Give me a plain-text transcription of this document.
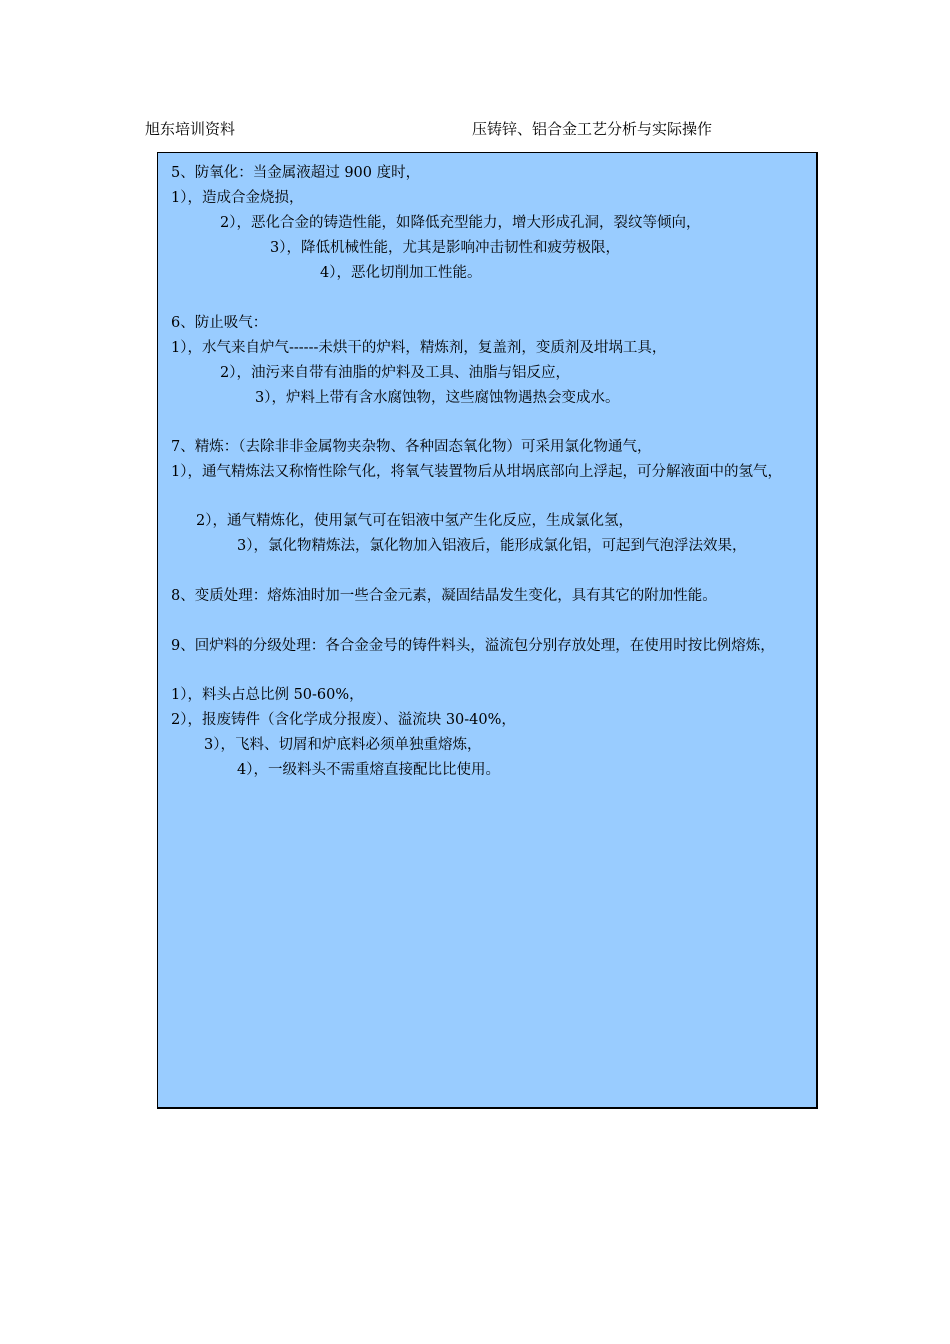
旭东培训资料	压铸锌、铝合金工艺分析与实际操作
5、防氧化：当金属液超过 900 度时，
1），造成合金烧损，
2），恶化合金的铸造性能，如降低充型能力，增大形成孔洞，裂纹等倾向，
3），降低机械性能，尤其是影响冲击韧性和疲劳极限，
4），恶化切削加工性能。
6、防止吸气：
1），水气来自炉气------未烘干的炉料，精炼剂，复盖剂，变质剂及坩埚工具，
2），油污来自带有油脂的炉料及工具、油脂与铝反应，
3），炉料上带有含水腐蚀物，这些腐蚀物遇热会变成水。
7、精炼：（去除非非金属物夹杂物、各种固态氧化物）可采用氯化物通气，
1），通气精炼法又称惰性除气化，将氧气装置物后从坩埚底部向上浮起，可分解液面中的氢气，
2），通气精炼化，使用氯气可在铝液中氢产生化反应，生成氯化氢，
3），氯化物精炼法，氯化物加入铝液后，能形成氯化铝，可起到气泡浮法效果，
8、变质处理：熔炼油时加一些合金元素，凝固结晶发生变化，具有其它的附加性能。
9、回炉料的分级处理：各合金金号的铸件料头，溢流包分别存放处理，在使用时按比例熔炼，
1），料头占总比例 50-60%，
2），报废铸件（含化学成分报废）、溢流块 30-40%，
3），飞料、切屑和炉底料必须单独重熔炼，
4），一级料头不需重熔直接配比比使用。
